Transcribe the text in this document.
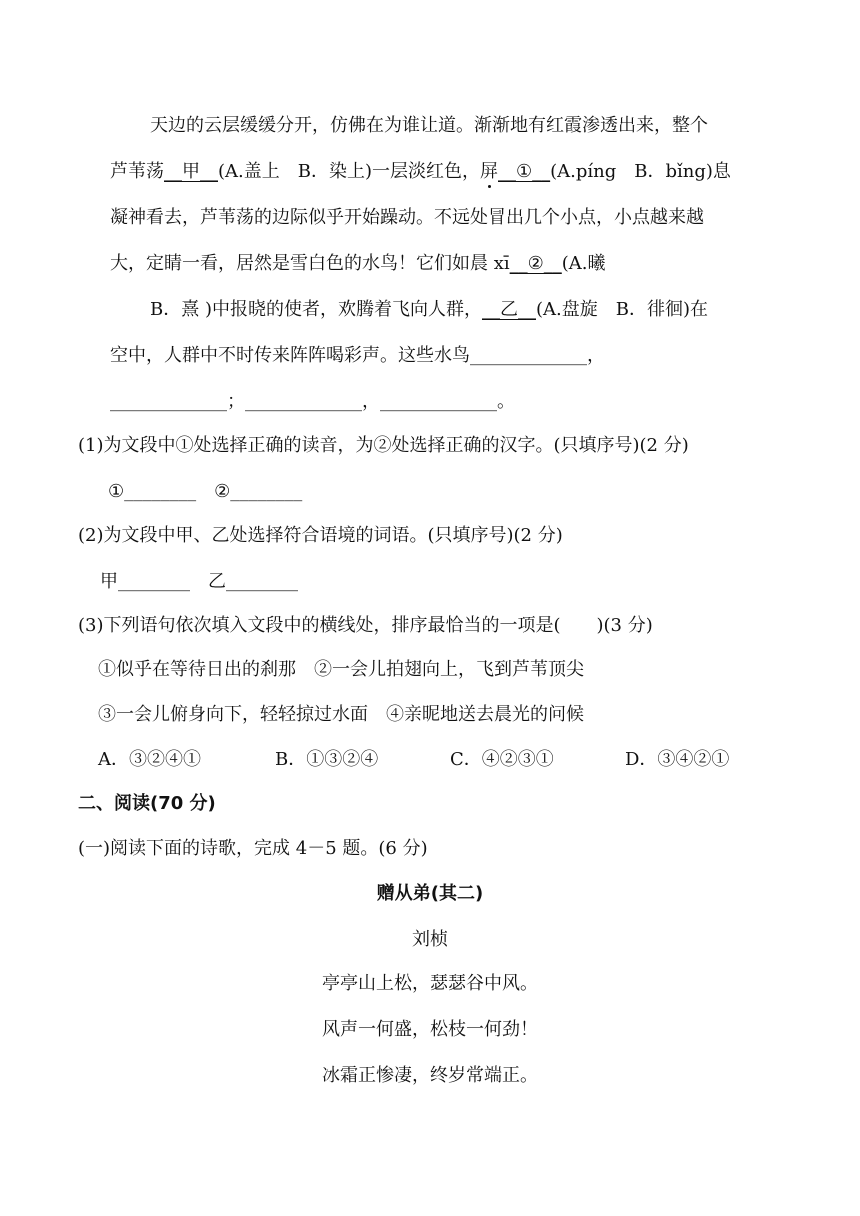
天边的云层缓缓分开，仿佛在为谁让道。渐渐地有红霞渗透出来，整个
芦苇荡__甲__(A.盖上　B．染上)一层淡红色，屏__①__(A.píng　B．bǐng)息
凝神看去，芦苇荡的边际似乎开始躁动。不远处冒出几个小点，小点越来越
大，定睛一看，居然是雪白色的水鸟！它们如晨 xī__②__(A.曦
B．熹 )中报晓的使者，欢腾着飞向人群，__乙__(A.盘旋　B．徘徊)在
空中，人群中不时传来阵阵喝彩声。这些水鸟_____________，
_____________；_____________，_____________。
(1)为文段中①处选择正确的读音，为②处选择正确的汉字。(只填序号)(2 分)
①________　②________
(2)为文段中甲、乙处选择符合语境的词语。(只填序号)(2 分)
甲________　乙________
(3)下列语句依次填入文段中的横线处，排序最恰当的一项是(　　)(3 分)
①似乎在等待日出的刹那　②一会儿拍翅向上，飞到芦苇顶尖
③一会儿俯身向下，轻轻掠过水面　④亲昵地送去晨光的问候
A．③②④①	B．①③②④	C．④②③①	D．③④②①
二、阅读(70 分)
(一)阅读下面的诗歌，完成 4－5 题。(6 分)
赠从弟(其二)
刘桢
亭亭山上松，瑟瑟谷中风。
风声一何盛，松枝一何劲！
冰霜正惨凄，终岁常端正。
